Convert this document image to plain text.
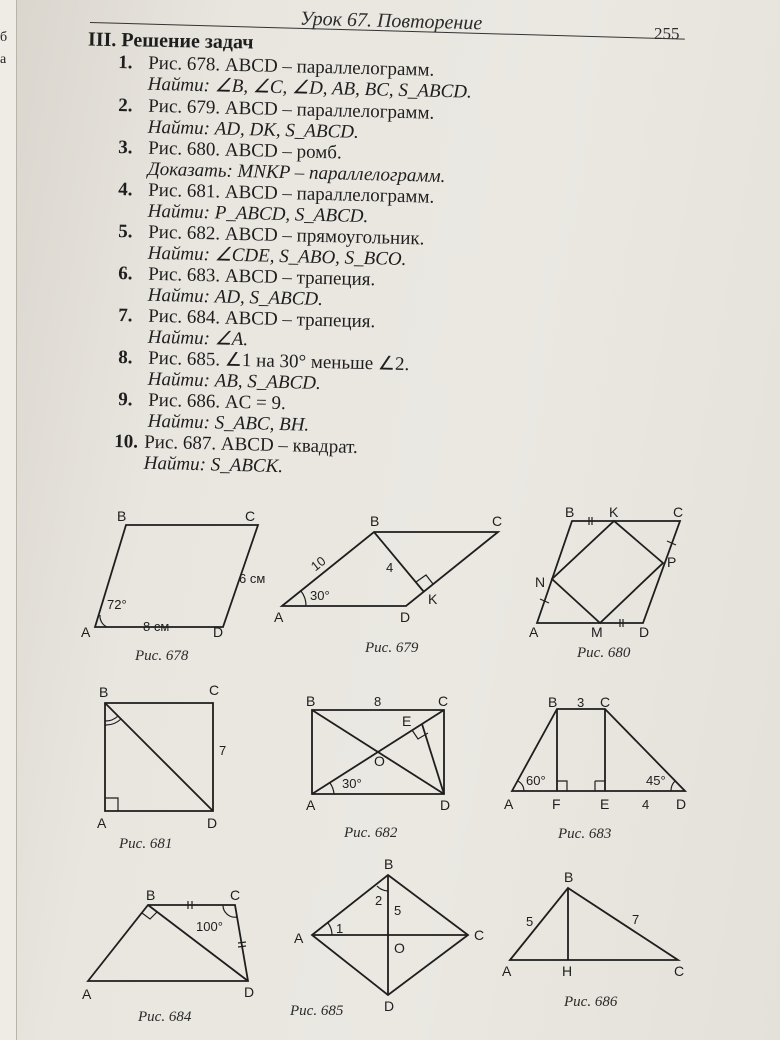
б
а
Урок 67. Повторение	255
III. Решение задач
1. Рис. 678. ABCD – параллелограмм.
Найти: ∠B, ∠C, ∠D, AB, BC, S_ABCD.
2. Рис. 679. ABCD – параллелограмм.
Найти: AD, DK, S_ABCD.
3. Рис. 680. ABCD – ромб.
Доказать: MNKP – параллелограмм.
4. Рис. 681. ABCD – параллелограмм.
Найти: P_ABCD, S_ABCD.
5. Рис. 682. ABCD – прямоугольник.
Найти: ∠CDE, S_ABO, S_BCO.
6. Рис. 683. ABCD – трапеция.
Найти: AD, S_ABCD.
7. Рис. 684. ABCD – трапеция.
Найти: ∠A.
8. Рис. 685. ∠1 на 30° меньше ∠2.
Найти: AB, S_ABCD.
9. Рис. 686. AC = 9.
Найти: S_ABC, BH.
10. Рис. 687. ABCD – квадрат.
Найти: S_ABCK.
B	C
A	D
72°
8 см
6 см
Рис. 678
B	C
A	D
K
10	4
30°
Рис. 679
B K	C
N
P
A	M	D
Рис. 680
B	C
A	D
7
Рис. 681
B	C
A	D
E
O
8
30°
Рис. 682
B	C
A	F	E	D
3
4
60°	45°
Рис. 683
B	C
A	D
100°
Рис. 684
B
C
A
D
O
1
2
5
Рис. 685
B
A	H	C
5	7
Рис. 686
